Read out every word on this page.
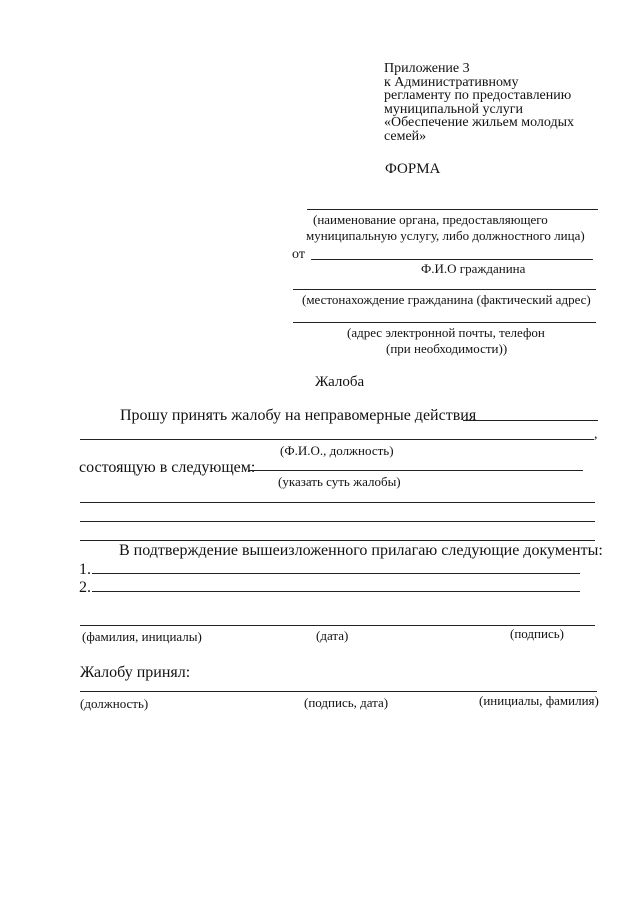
Приложение 3
к Административному
регламенту по предоставлению
муниципальной услуги
«Обеспечение жильем молодых
семей»
ФОРМА
(наименование органа, предоставляющего
муниципальную услугу, либо должностного лица)
от
Ф.И.О гражданина
(местонахождение гражданина (фактический адрес)
(адрес электронной почты, телефон
(при необходимости))
Жалоба
Прошу принять жалобу на неправомерные действия
,
(Ф.И.О., должность)
состоящую в следующем:
(указать суть жалобы)
В подтверждение вышеизложенного прилагаю следующие документы:
1.
2.
(фамилия, инициалы)	(дата)	(подпись)
Жалобу принял:
(должность)	(подпись, дата)	(инициалы, фамилия)
